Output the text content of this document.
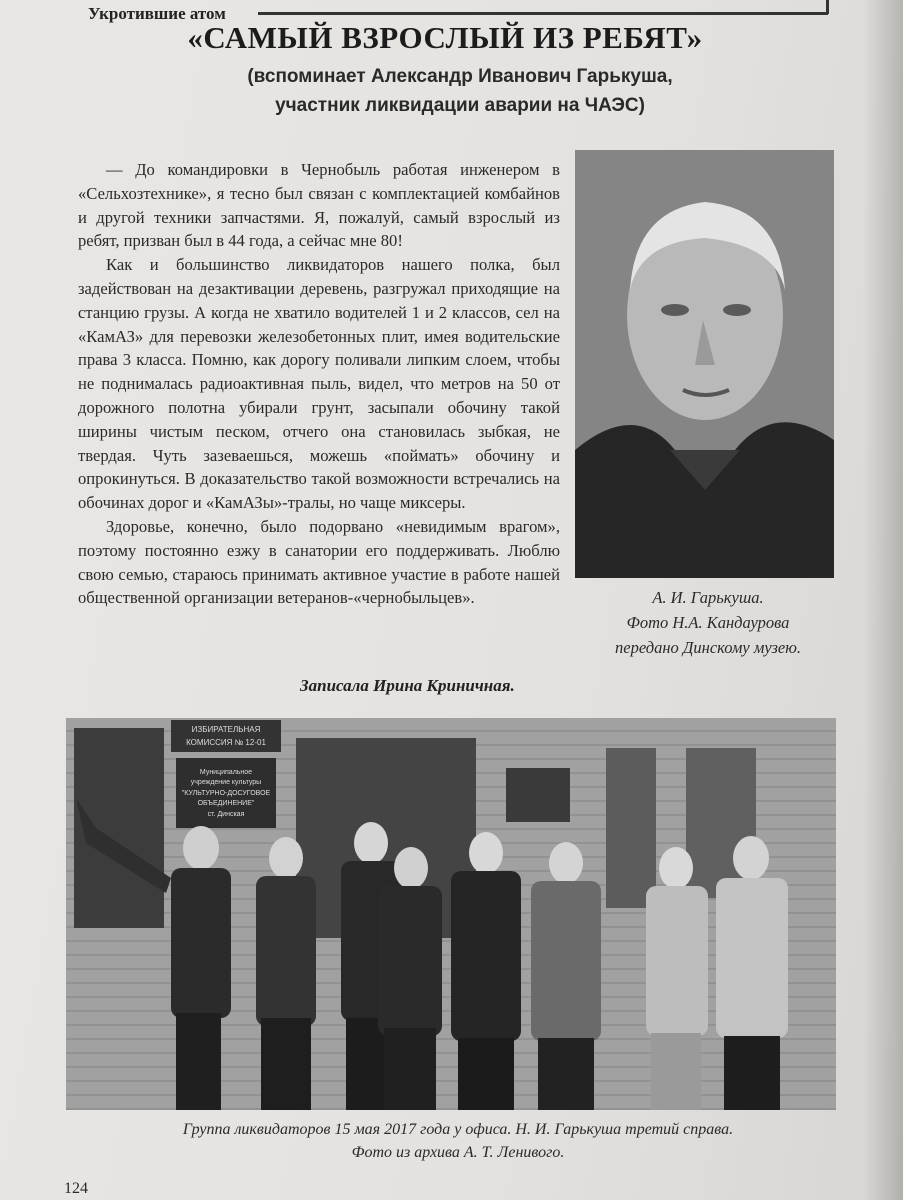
Укротившие атом
«САМЫЙ ВЗРОСЛЫЙ ИЗ РЕБЯТ»
(вспоминает Александр Иванович Гарькуша,
участник ликвидации аварии на ЧАЭС)

— До командировки в Чернобыль работая инженером в «Сельхозтехнике», я тесно был связан с комплектацией комбайнов и другой техники запчастями. Я, пожалуй, самый взрослый из ребят, призван был в 44 года, а сейчас мне 80!

Как и большинство ликвидаторов нашего полка, был задействован на дезактивации деревень, разгружал приходящие на станцию грузы. А когда не хватило водителей 1 и 2 классов, сел на «КамАЗ» для перевозки железобетонных плит, имея водительские права 3 класса. Помню, как дорогу поливали липким слоем, чтобы не поднималась радиоактивная пыль, видел, что метров на 50 от дорожного полотна убирали грунт, засыпали обочину такой ширины чистым песком, отчего она становилась зыбкая, не твердая. Чуть зазеваешься, можешь «поймать» обочину и опрокинуться. В доказательство такой возможности встречались на обочинах дорог и «КамАЗы»-тралы, но чаще миксеры.

Здоровье, конечно, было подорвано «невидимым врагом», поэтому постоянно езжу в санатории его поддерживать. Люблю свою семью, стараюсь принимать активное участие в работе нашей общественной организации ветеранов-«чернобыльцев».	А. И. Гарькуша.
Фото Н.А. Кандаурова
передано Динскому музею.
Записала Ирина Криничная.
Муниципальное
учреждение культуры
"КУЛЬТУРНО-ДОСУГОВОЕ
ОБЪЕДИНЕНИЕ"
ст. Динская
ИЗБИРАТЕЛЬНАЯ
КОМИССИЯ № 12-01
Группа ликвидаторов 15 мая 2017 года у офиса. Н. И. Гарькуша третий справа.
Фото из архива А. Т. Ленивого.
124
